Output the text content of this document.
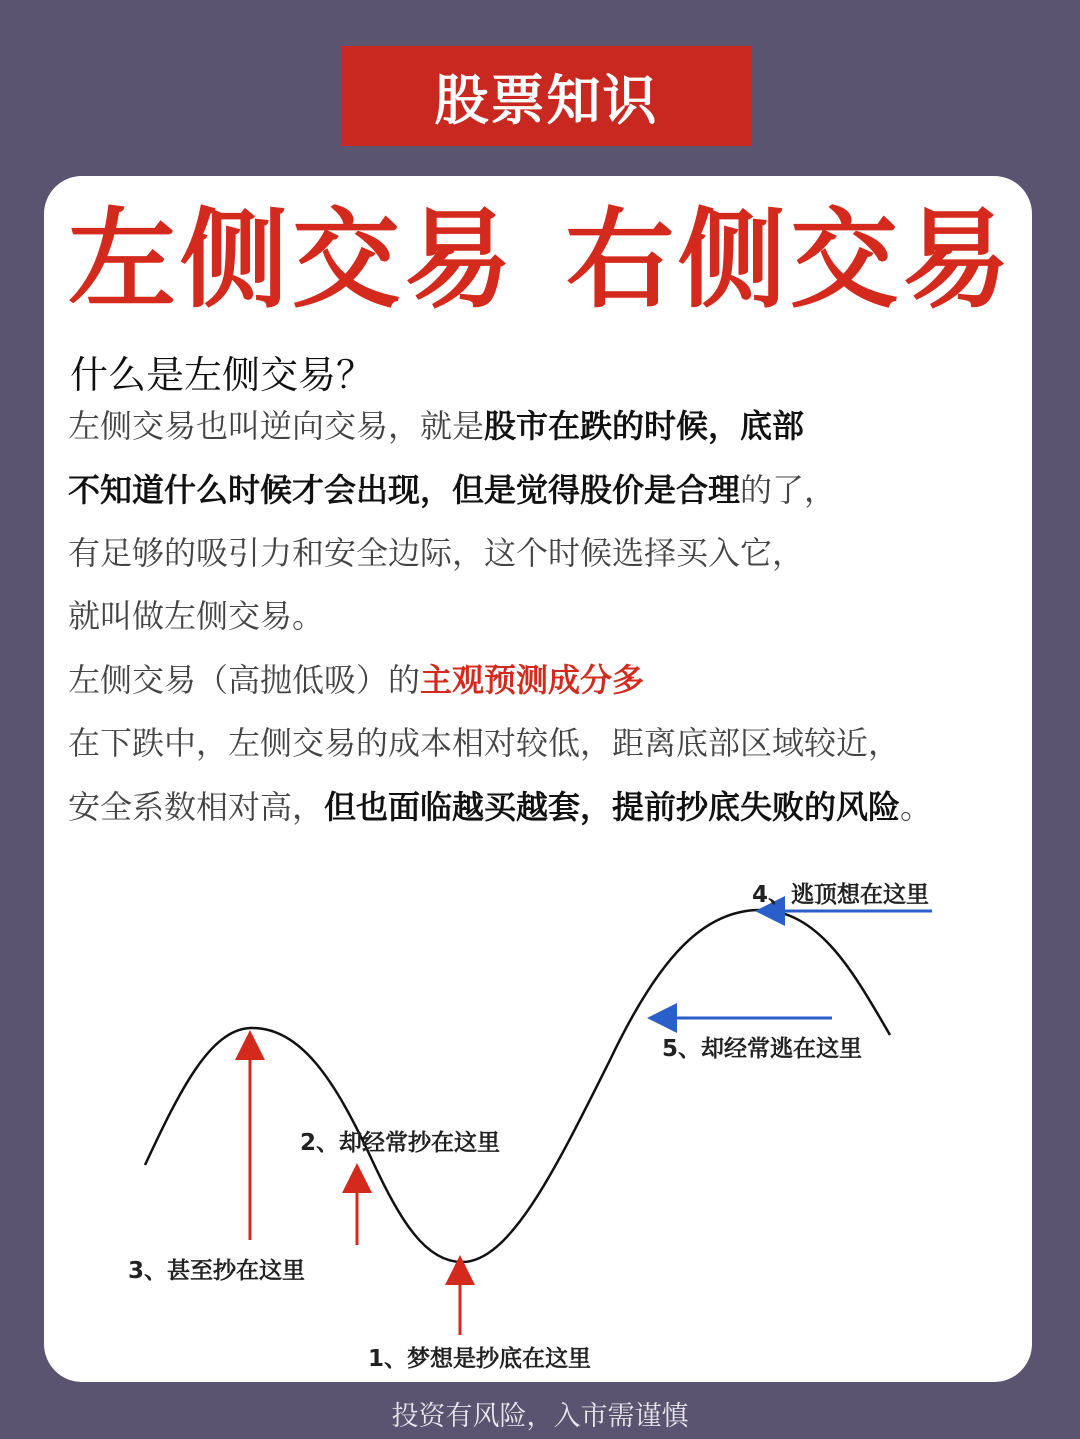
股票知识
左侧交易 右侧交易
什么是左侧交易？
左侧交易也叫逆向交易，就是股市在跌的时候，底部
不知道什么时候才会出现，但是觉得股价是合理的了，
有足够的吸引力和安全边际，这个时候选择买入它，
就叫做左侧交易。
左侧交易（高抛低吸）的主观预测成分多
在下跌中，左侧交易的成本相对较低，距离底部区域较近，
安全系数相对高，但也面临越买越套，提前抄底失败的风险。
4、逃顶想在这里
5、却经常逃在这里
2、却经常抄在这里
3、甚至抄在这里
1、梦想是抄底在这里
投资有风险，入市需谨慎
